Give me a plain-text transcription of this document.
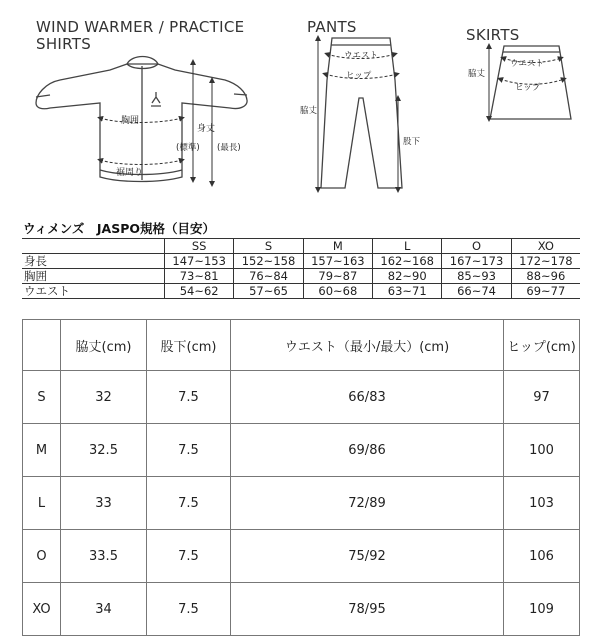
WIND WARMER / PRACTICE
SHIRTS
PANTS	SKIRTS
胸囲
裾周り
身丈
(標準) (最長)
ウエスト
ヒップ
脇丈
股下
脇丈
ウエスト
ヒップ
ウィメンズ　JASPO規格（目安）
	SS	S	M	L	O	XO
身長	147~153	152~158	157~163	162~168	167~173	172~178
胸囲	73~81	76~84	79~87	82~90	85~93	88~96
ウエスト	54~62	57~65	60~68	63~71	66~74	69~77
	脇丈(cm)	股下(cm)	ウエスト（最小/最大）(cm)	ヒップ(cm)
S	32	7.5	66/83	97
M	32.5	7.5	69/86	100
L	33	7.5	72/89	103
O	33.5	7.5	75/92	106
XO	34	7.5	78/95	109
